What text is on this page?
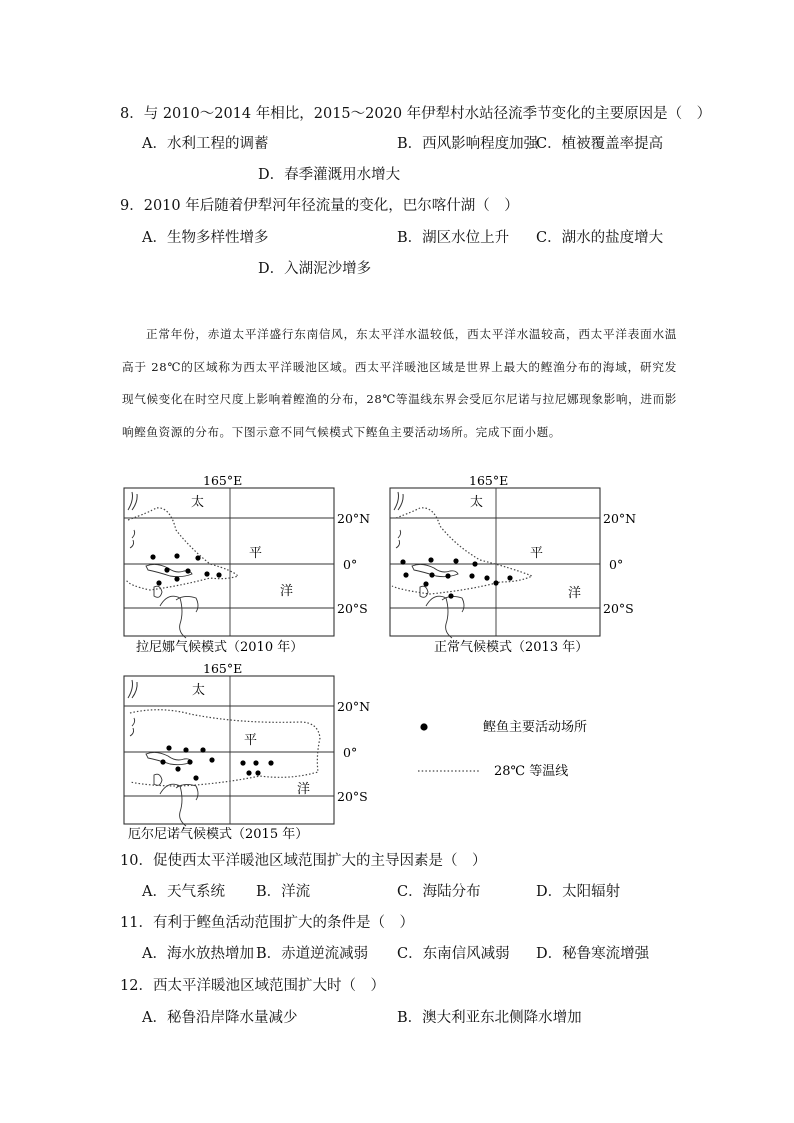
8．与 2010～2014 年相比，2015～2020 年伊犁村水站径流季节变化的主要原因是（　）
A．水利工程的调蓄	B．西风影响程度加强
C．植被覆盖率提高
D．春季灌溉用水增大
9．2010 年后随着伊犁河年径流量的变化，巴尔喀什湖（　）
A．生物多样性增多	B．湖区水位上升 C．湖水的盐度增大
D．入湖泥沙增多

正常年份，赤道太平洋盛行东南信风，东太平洋水温较低，西太平洋水温较高，西太平洋表面水温高于 28℃的区域称为西太平洋暖池区域。西太平洋暖池区域是世界上最大的鲣渔分布的海域，研究发现气候变化在时空尺度上影响着鲣渔的分布，28℃等温线东界会受厄尔尼诺与拉尼娜现象影响，进而影响鲣鱼资源的分布。下图示意不同气候模式下鲣鱼主要活动场所。完成下面小题。

165°E
20°N
0°
20°S
太
平
洋
拉尼娜气候模式（2010 年）
165°E
20°N
0°
20°S
太
平
洋
正常气候模式（2013 年）
165°E
20°N
0°
20°S
太
平
洋
厄尔尼诺气候模式（2015 年）
鲣鱼主要活动场所
28℃ 等温线
10．促使西太平洋暖池区域范围扩大的主导因素是（　）
A．天气系统 B．洋流	C．海陆分布	D．太阳辐射
11．有利于鲣鱼活动范围扩大的条件是（　）
A．海水放热增加 B．赤道逆流减弱 C．东南信风减弱 D．秘鲁寒流增强
12．西太平洋暖池区域范围扩大时（　）
A．秘鲁沿岸降水量减少	B．澳大利亚东北侧降水增加
